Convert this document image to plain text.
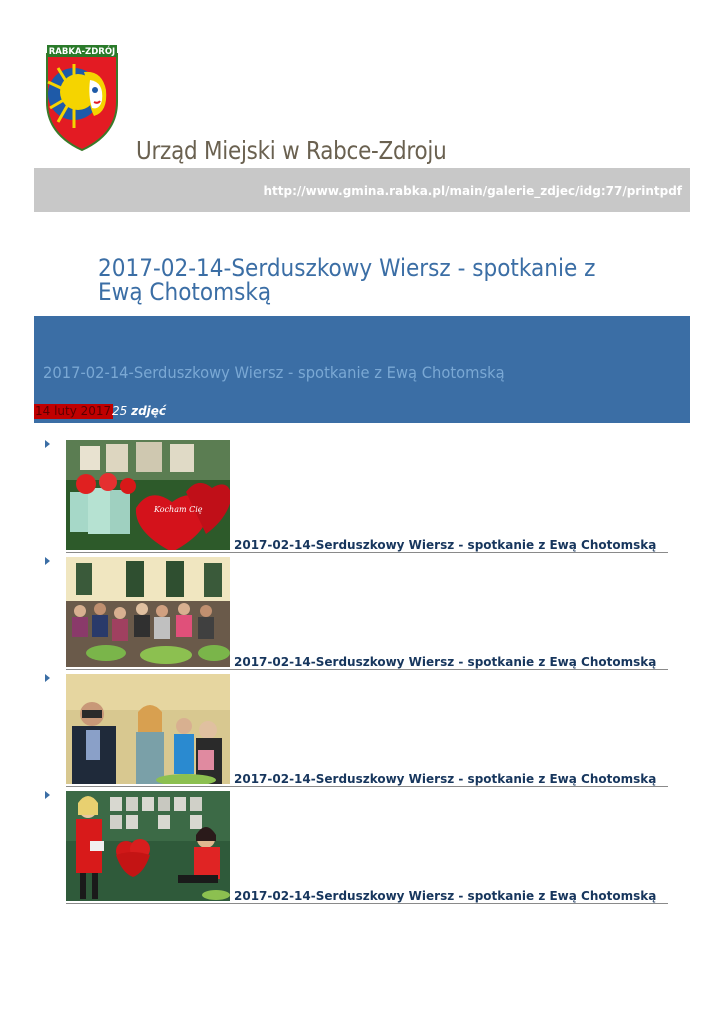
RABKA-ZDRÓJ
Urząd Miejski w Rabce-Zdroju
http://www.gmina.rabka.pl/main/galerie_zdjec/idg:77/printpdf
2017-02-14-Serduszkowy Wiersz - spotkanie z Ewą Chotomską
2017-02-14-Serduszkowy Wiersz - spotkanie z Ewą Chotomską
14 luty 2017 25 zdjęć
Kocham Cię
2017-02-14-Serduszkowy Wiersz - spotkanie z Ewą Chotomską
2017-02-14-Serduszkowy Wiersz - spotkanie z Ewą Chotomską
2017-02-14-Serduszkowy Wiersz - spotkanie z Ewą Chotomską
2017-02-14-Serduszkowy Wiersz - spotkanie z Ewą Chotomską
